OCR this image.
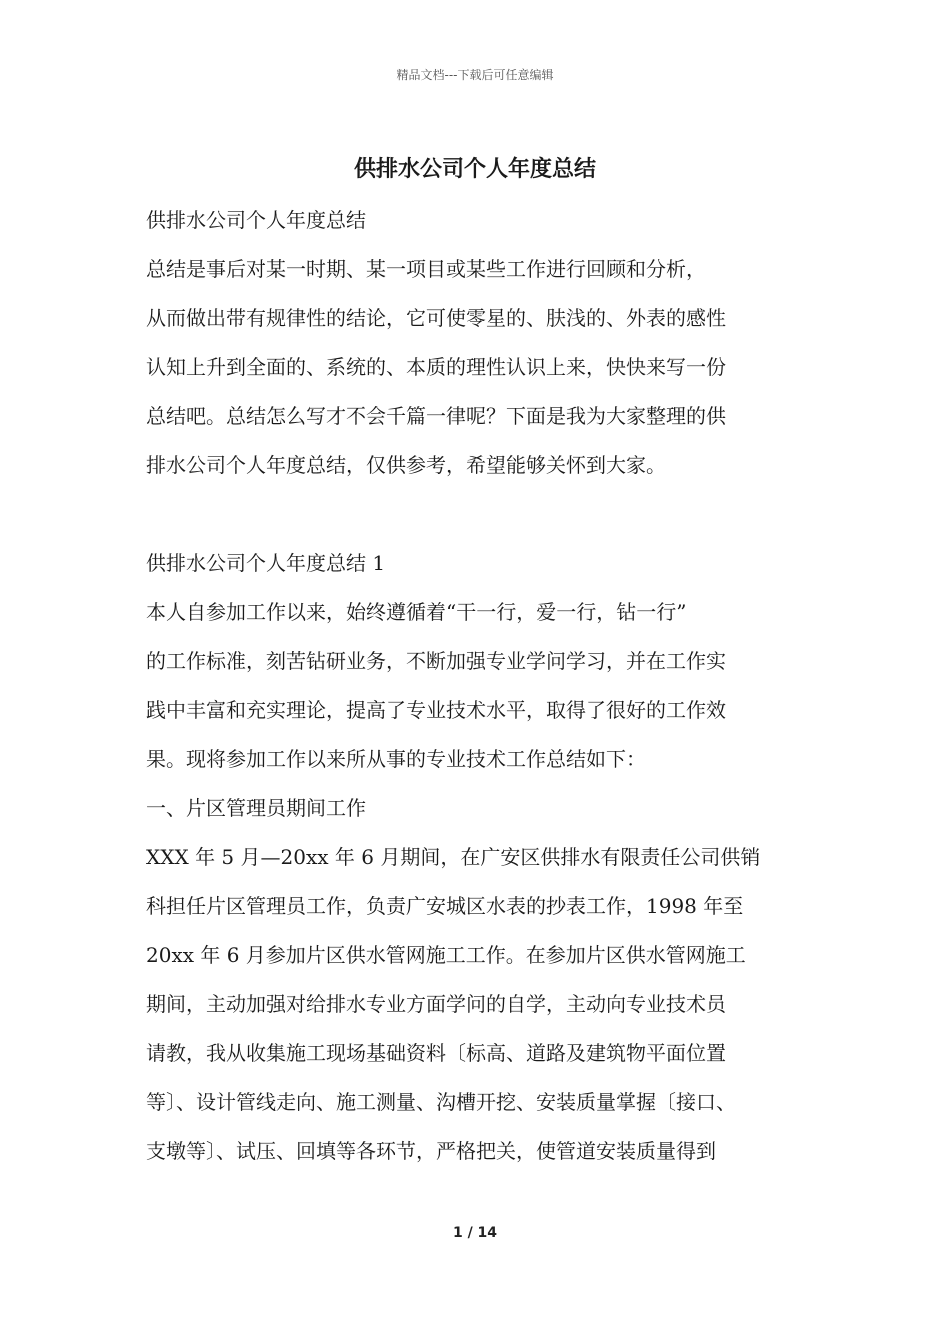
精品文档---下载后可任意编辑
供排水公司个人年度总结

供排水公司个人年度总结

总结是事后对某一时期、某一项目或某些工作进行回顾和分析，

从而做出带有规律性的结论，它可使零星的、肤浅的、外表的感性

认知上升到全面的、系统的、本质的理性认识上来，快快来写一份

总结吧。总结怎么写才不会千篇一律呢？下面是我为大家整理的供

排水公司个人年度总结，仅供参考，希望能够关怀到大家。

供排水公司个人年度总结 1

本人自参加工作以来，始终遵循着“干一行，爱一行，钻一行”

的工作标准，刻苦钻研业务，不断加强专业学问学习，并在工作实

践中丰富和充实理论，提高了专业技术水平，取得了很好的工作效

果。现将参加工作以来所从事的专业技术工作总结如下：

一、片区管理员期间工作

XXX 年 5 月—20xx 年 6 月期间，在广安区供排水有限责任公司供销

科担任片区管理员工作，负责广安城区水表的抄表工作，1998 年至

20xx 年 6 月参加片区供水管网施工工作。在参加片区供水管网施工

期间，主动加强对给排水专业方面学问的自学，主动向专业技术员

请教，我从收集施工现场基础资料〔标高、道路及建筑物平面位置

等〕、设计管线走向、施工测量、沟槽开挖、安装质量掌握〔接口、

支墩等〕、试压、回填等各环节，严格把关，使管道安装质量得到

1 / 14
